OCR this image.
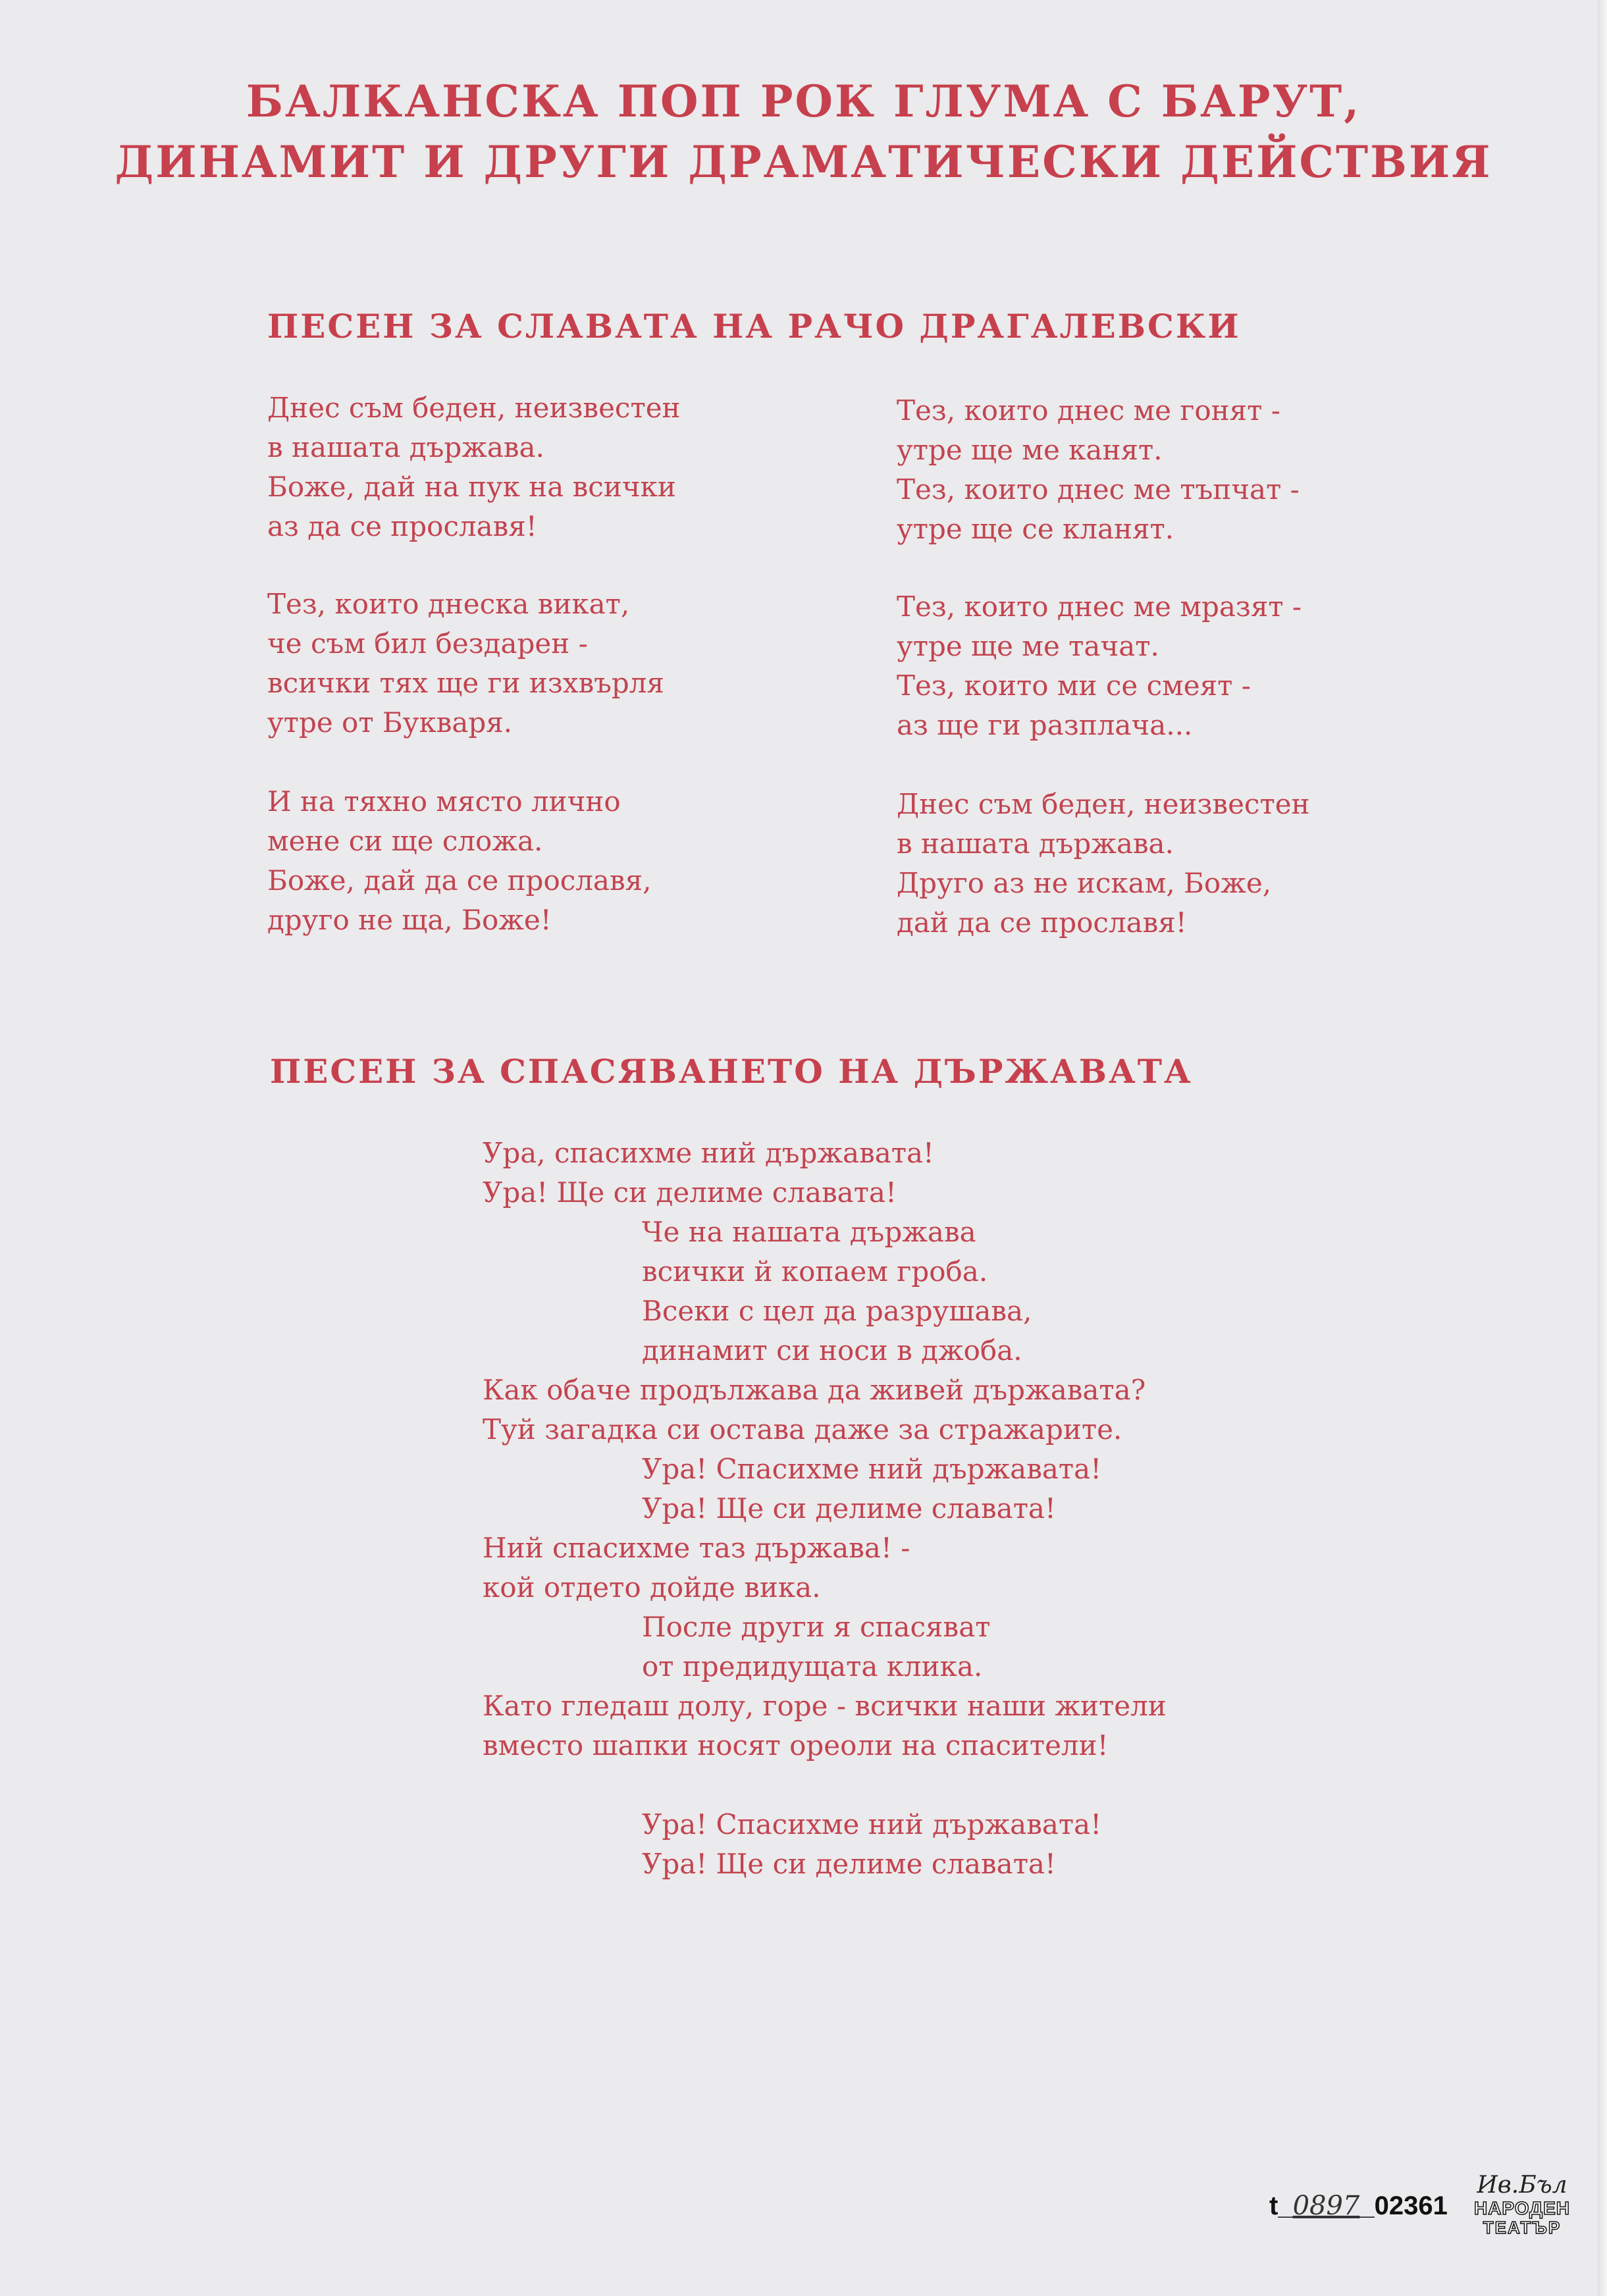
БАЛКАНСКА ПОП РОК ГЛУМА С БАРУТ,
ДИНАМИТ И ДРУГИ ДРАМАТИЧЕСКИ ДЕЙСТВИЯ
ПЕСЕН ЗА СЛАВАТА НА РАЧО ДРАГАЛЕВСКИ
Днес съм беден, неизвестен
в нашата държава.
Боже, дай на пук на всички
аз да се прославя!
Тез, които днеска викат,
че съм бил бездарен -
всички тях ще ги изхвърля
утре от Букваря.
И на тяхно място лично
мене си ще сложа.
Боже, дай да се прославя,
друго не ща, Боже!
Тез, които днес ме гонят -
утре ще ме канят.
Тез, които днес ме тъпчат -
утре ще се кланят.
Тез, които днес ме мразят -
утре ще ме тачат.
Тез, които ми се смеят -
аз ще ги разплача...
Днес съм беден, неизвестен
в нашата държава.
Друго аз не искам, Боже,
дай да се прославя!
ПЕСЕН ЗА СПАСЯВАНЕТО НА ДЪРЖАВАТА
Ура, спасихме ний държавата!
Ура! Ще си делиме славата!
Че на нашата държава
всички й копаем гроба.
Всеки с цел да разрушава,
динамит си носи в джоба.
Как обаче продължава да живей държавата?
Туй загадка си остава даже за стражарите.
Ура! Спасихме ний държавата!
Ура! Ще си делиме славата!
Ний спасихме таз държава! -
кой отдето дойде вика.
После други я спасяват
от предидущата клика.
Като гледаш долу, горе - всички наши жители
вместо шапки носят ореоли на спасители!
Ура! Спасихме ний държавата!
Ура! Ще си делиме славата!
t_0897_02361
Ив.Бъл
НАРОДЕН
ТЕАТЪР
